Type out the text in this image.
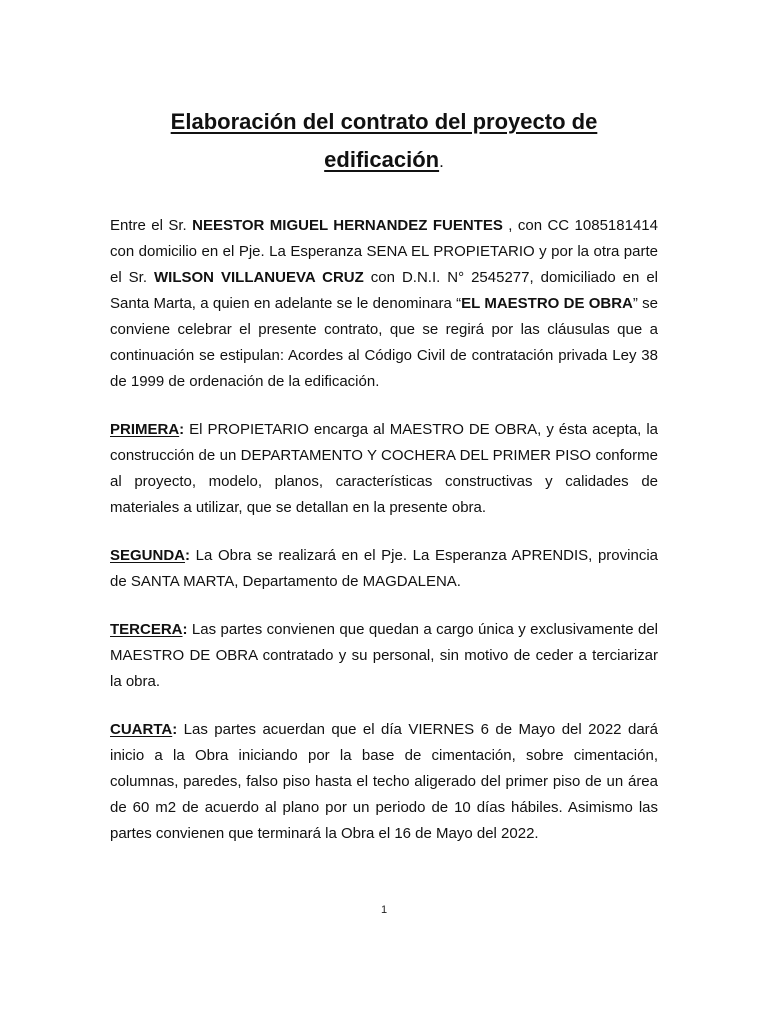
Elaboración del contrato del proyecto de
edificación.

Entre el Sr. NEESTOR MIGUEL HERNANDEZ FUENTES , con CC 1085181414 con domicilio en el Pje. La Esperanza SENA EL PROPIETARIO y por la otra parte el Sr. WILSON VILLANUEVA CRUZ con D.N.I. N° 2545277, domiciliado en el Santa Marta, a quien en adelante se le denominara “EL MAESTRO DE OBRA” se conviene celebrar el presente contrato, que se regirá por las cláusulas que a continuación se estipulan: Acordes al Código Civil de contratación privada Ley 38 de 1999 de ordenación de la edificación.

PRIMERA: El PROPIETARIO encarga al MAESTRO DE OBRA, y ésta acepta, la construcción de un DEPARTAMENTO Y COCHERA DEL PRIMER PISO conforme al proyecto, modelo, planos, características constructivas y calidades de materiales a utilizar, que se detallan en la presente obra.

SEGUNDA: La Obra se realizará en el Pje. La Esperanza APRENDIS, provincia de SANTA MARTA, Departamento de MAGDALENA.

TERCERA: Las partes convienen que quedan a cargo única y exclusivamente del MAESTRO DE OBRA contratado y su personal, sin motivo de ceder a terciarizar la obra.

CUARTA: Las partes acuerdan que el día VIERNES 6 de Mayo del 2022 dará inicio a la Obra iniciando por la base de cimentación, sobre cimentación, columnas, paredes, falso piso hasta el techo aligerado del primer piso de un área de 60 m2 de acuerdo al plano por un periodo de 10 días hábiles. Asimismo las partes convienen que terminará la Obra el 16 de Mayo del 2022.

1
